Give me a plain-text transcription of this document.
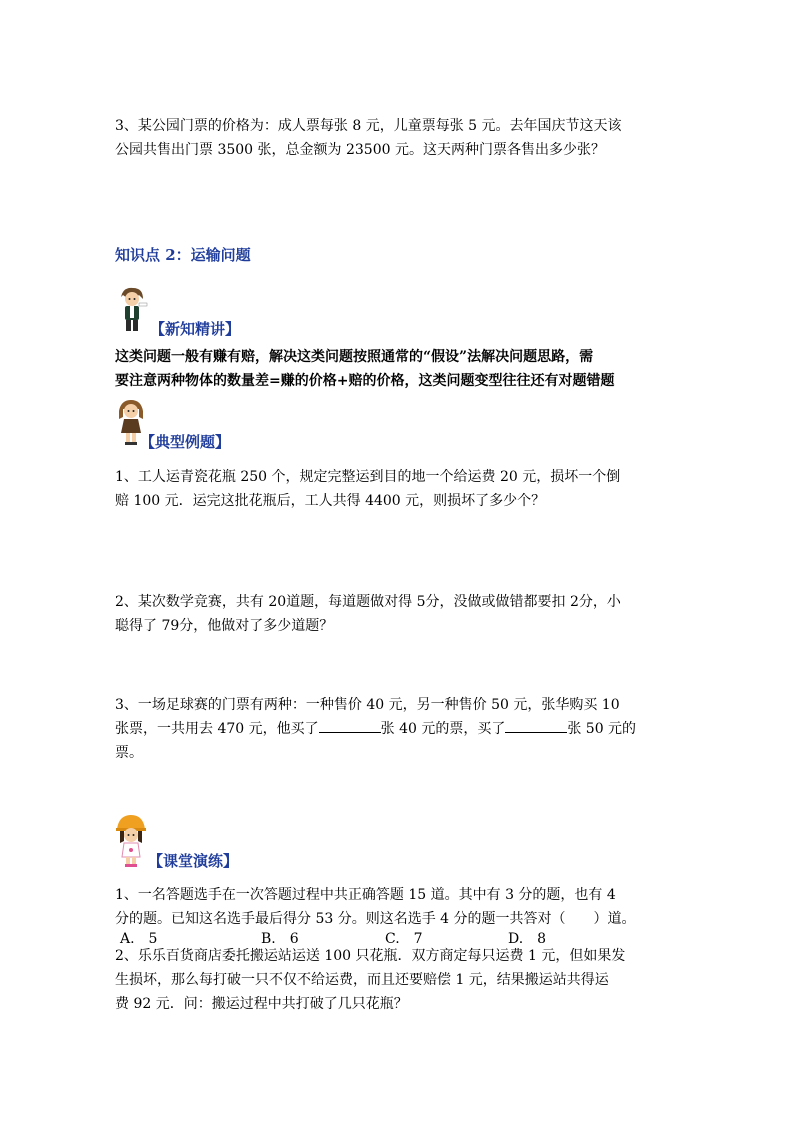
3、某公园门票的价格为：成人票每张 8 元，儿童票每张 5 元。去年国庆节这天该
公园共售出门票 3500 张，总金额为 23500 元。这天两种门票各售出多少张？
知识点 2：运输问题
【新知精讲】
这类问题一般有赚有赔，解决这类问题按照通常的“假设”法解决问题思路，需
要注意两种物体的数量差=赚的价格+赔的价格，这类问题变型往往还有对题错题
【典型例题】
1、工人运青瓷花瓶 250 个，规定完整运到目的地一个给运费 20 元，损坏一个倒
赔 100 元．运完这批花瓶后，工人共得 4400 元，则损坏了多少个？
2、某次数学竞赛，共有 20道题，每道题做对得 5分，没做或做错都要扣 2分，小
聪得了 79分，他做对了多少道题？
3、一场足球赛的门票有两种：一种售价 40 元，另一种售价 50 元，张华购买 10
张票，一共用去 470 元，他买了	张 40 元的票，买了	张 50 元的
票。
【课堂演练】
1、一名答题选手在一次答题过程中共正确答题 15 道。其中有 3 分的题，也有 4
分的题。已知这名选手最后得分 53 分。则这名选手 4 分的题一共答对（　　）道。
A.　5	B.　6	C.　7	D.　8
2、乐乐百货商店委托搬运站运送 100 只花瓶．双方商定每只运费 1 元，但如果发
生损坏，那么每打破一只不仅不给运费，而且还要赔偿 1 元，结果搬运站共得运
费 92 元．问：搬运过程中共打破了几只花瓶？
